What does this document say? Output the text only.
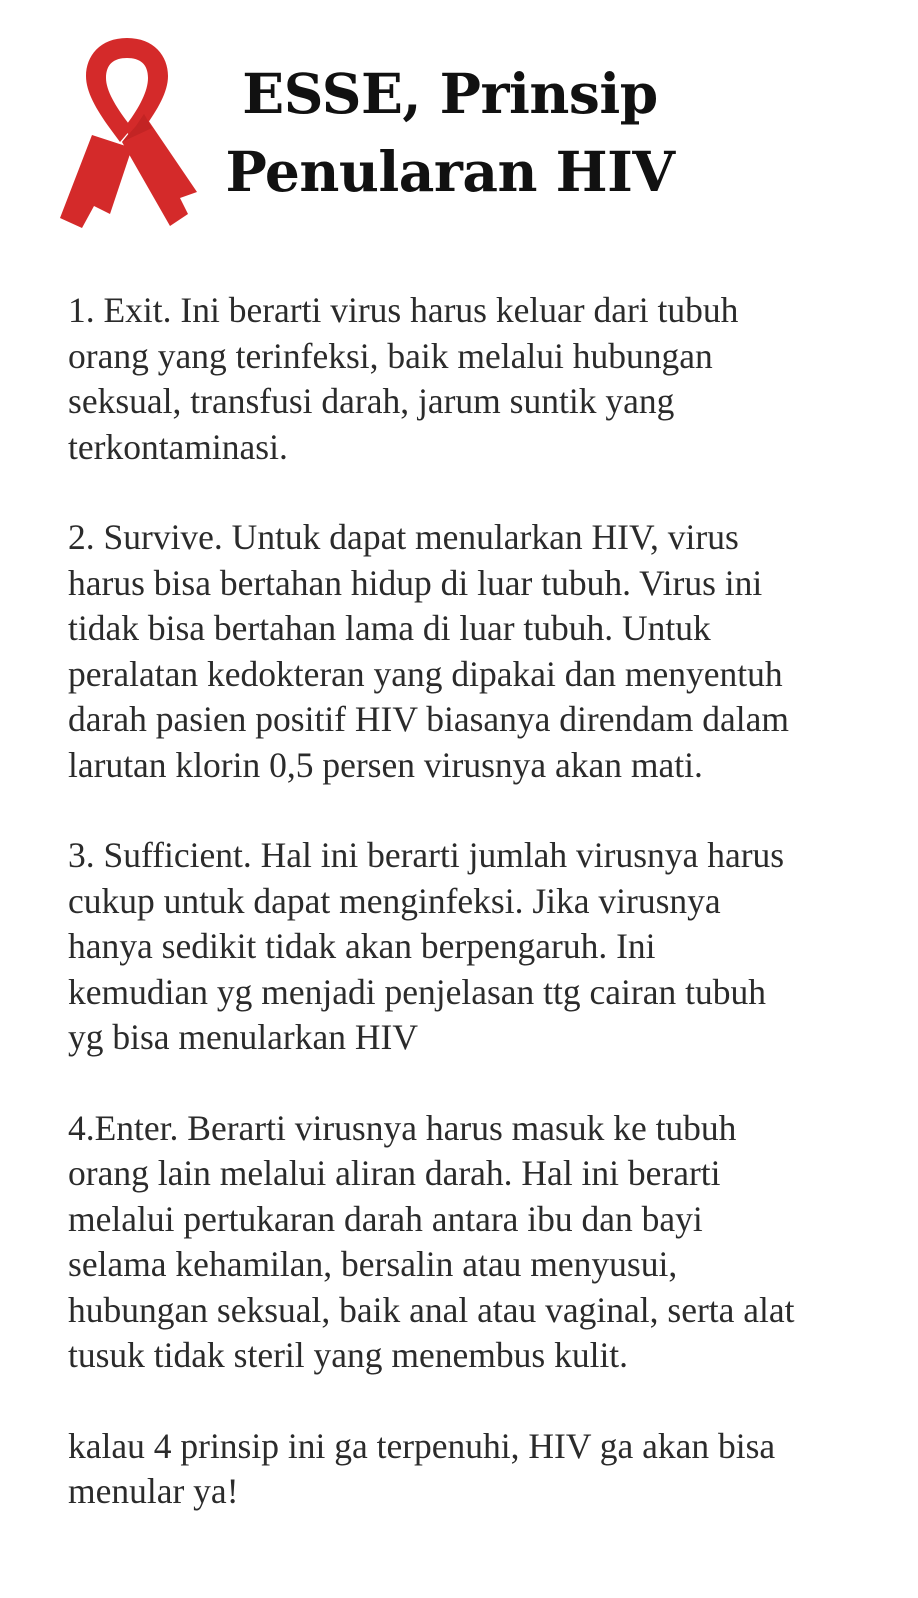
ESSE, Prinsip
Penularan HIV

1. Exit. Ini berarti virus harus keluar dari tubuh
orang yang terinfeksi, baik melalui hubungan
seksual, transfusi darah, jarum suntik yang
terkontaminasi.

2. Survive. Untuk dapat menularkan HIV, virus
harus bisa bertahan hidup di luar tubuh. Virus ini
tidak bisa bertahan lama di luar tubuh. Untuk
peralatan kedokteran yang dipakai dan menyentuh
darah pasien positif HIV biasanya direndam dalam
larutan klorin 0,5 persen virusnya akan mati.

3. Sufficient. Hal ini berarti jumlah virusnya harus
cukup untuk dapat menginfeksi. Jika virusnya
hanya sedikit tidak akan berpengaruh. Ini
kemudian yg menjadi penjelasan ttg cairan tubuh
yg bisa menularkan HIV

4.Enter. Berarti virusnya harus masuk ke tubuh
orang lain melalui aliran darah. Hal ini berarti
melalui pertukaran darah antara ibu dan bayi
selama kehamilan, bersalin atau menyusui,
hubungan seksual, baik anal atau vaginal, serta alat
tusuk tidak steril yang menembus kulit.

kalau 4 prinsip ini ga terpenuhi, HIV ga akan bisa
menular ya!
